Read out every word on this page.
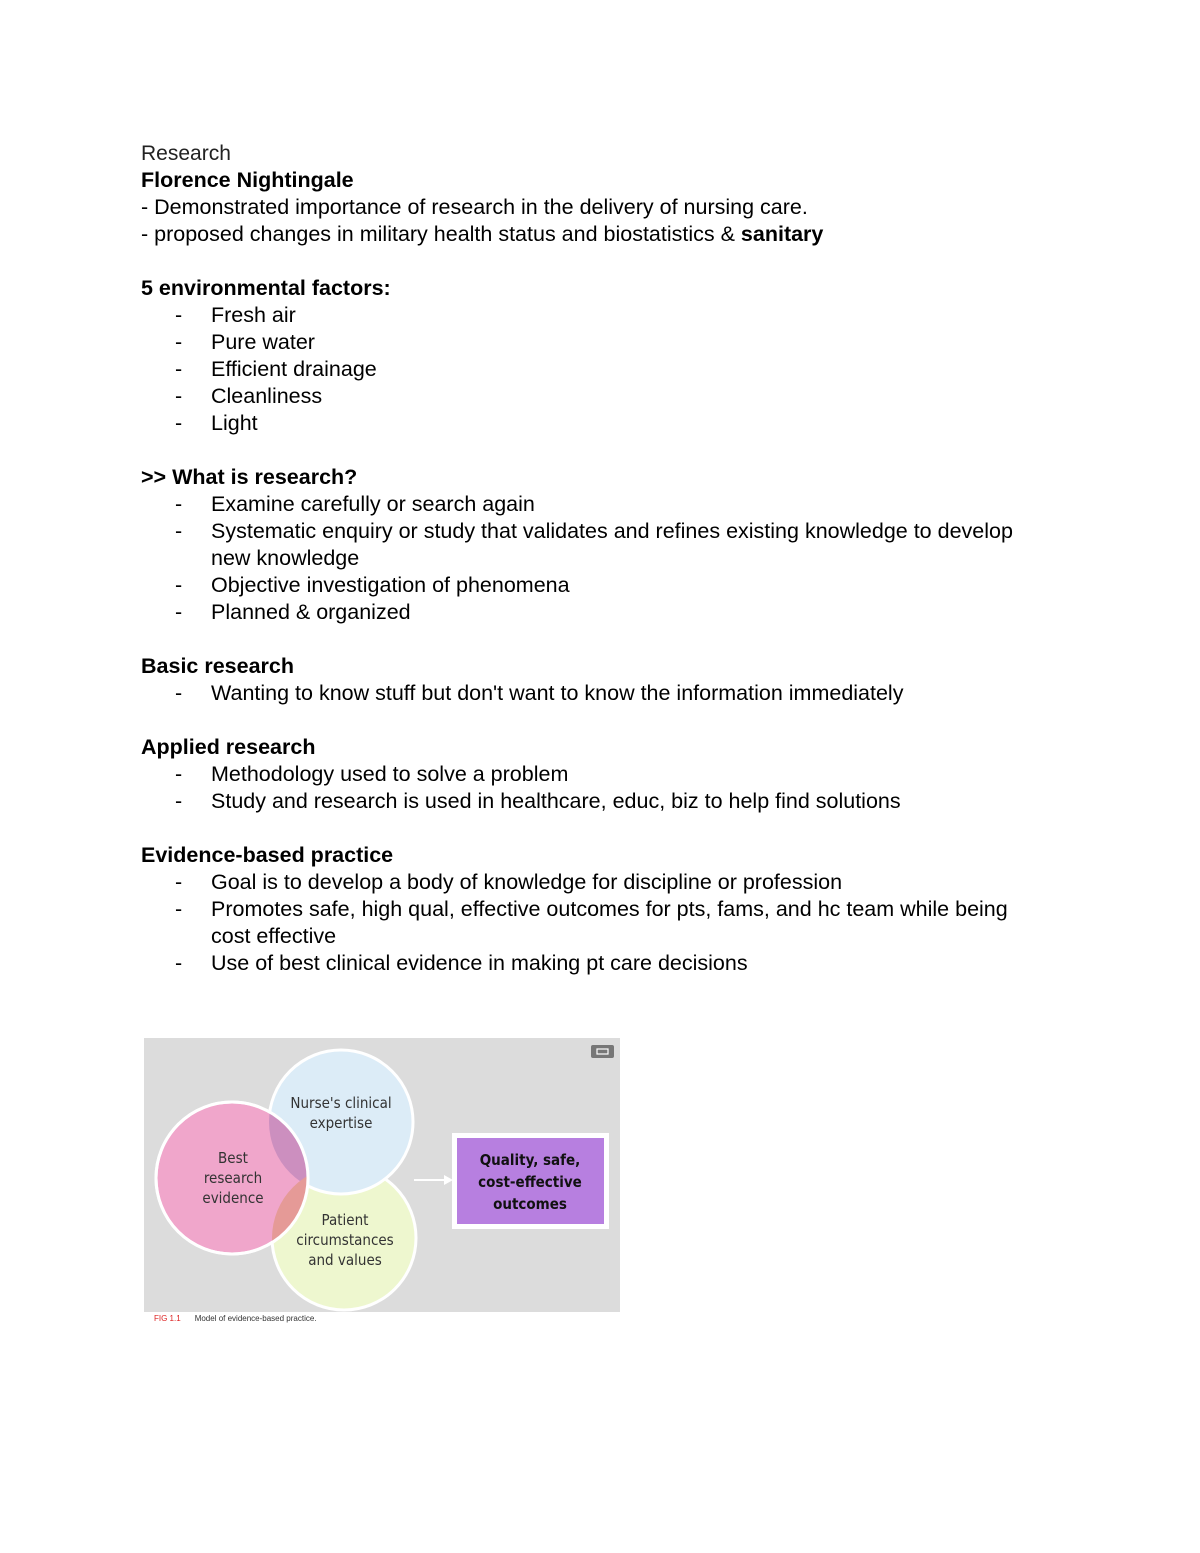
Research

Florence Nightingale

- Demonstrated importance of research in the delivery of nursing care.

- proposed changes in military health status and biostatistics & sanitary

5 environmental factors:

- Fresh air
- Pure water
- Efficient drainage
- Cleanliness
- Light

>> What is research?

- Examine carefully or search again
- Systematic enquiry or study that validates and refines existing knowledge to develop new knowledge
- Objective investigation of phenomena
- Planned & organized

Basic research

- Wanting to know stuff but don't want to know the information immediately

Applied research

- Methodology used to solve a problem
- Study and research is used in healthcare, educ, biz to help find solutions

Evidence-based practice

- Goal is to develop a body of knowledge for discipline or profession
- Promotes safe, high qual, effective outcomes for pts, fams, and hc team while being cost effective
- Use of best clinical evidence in making pt care decisions
Best
research
evidence
Nurse's clinical
expertise
Patient
circumstances
and values
Quality, safe,
cost-effective
outcomes
FIG 1.1 Model of evidence-based practice.
